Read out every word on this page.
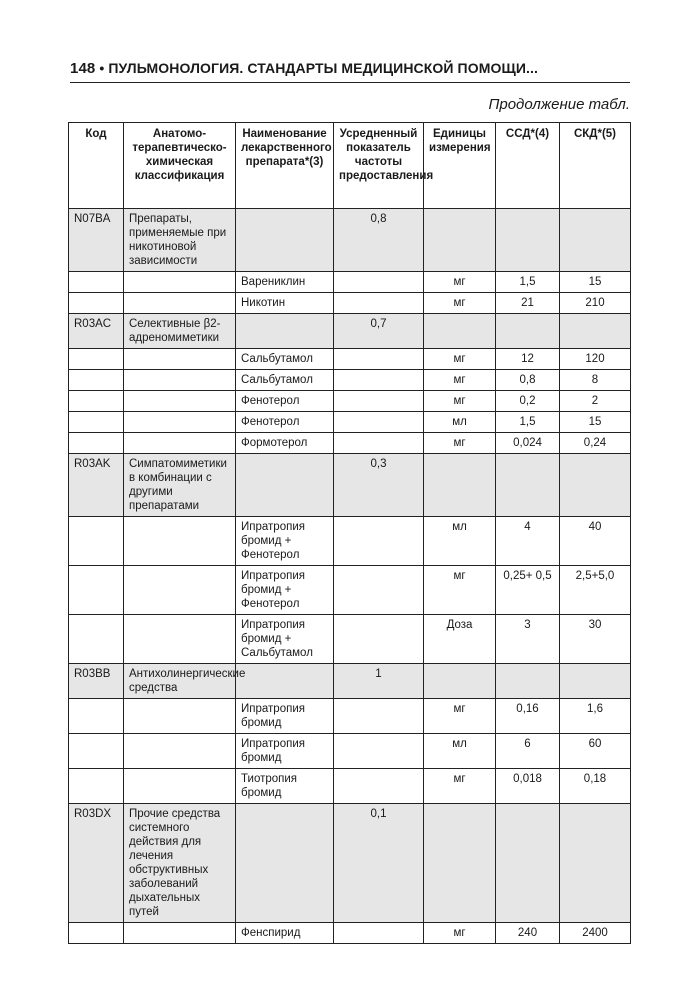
148 • ПУЛЬМОНОЛОГИЯ. СТАНДАРТЫ МЕДИЦИНСКОЙ ПОМОЩИ...
Продолжение табл.
Код	Анатомо-терапевтическо-химическая классификация	Наименование лекарственного препарата*(3)	Усредненный показатель частоты предоставления	Единицы измерения	ССД*(4)	СКД*(5)
N07BA	Препараты, применяемые при никотиновой зависимости		0,8			
		Варениклин		мг	1,5	15
		Никотин		мг	21	210
R03AC	Селективные β2-адреномиметики		0,7			
		Сальбутамол		мг	12	120
		Сальбутамол		мг	0,8	8
		Фенотерол		мг	0,2	2
		Фенотерол		мл	1,5	15
		Формотерол		мг	0,024	0,24
R03AK	Симпатомиметики в комбинации с другими препаратами		0,3			
		Ипратропия бромид + Фенотерол		мл	4	40
		Ипратропия бромид + Фенотерол		мг	0,25+ 0,5	2,5+5,0
		Ипратропия бромид + Сальбутамол		Доза	3	30
R03BB	Антихолинергические средства		1			
		Ипратропия бромид		мг	0,16	1,6
		Ипратропия бромид		мл	6	60
		Тиотропия бромид		мг	0,018	0,18
R03DX	Прочие средства системного действия для лечения обструктивных заболеваний дыхательных путей		0,1			
		Фенспирид		мг	240	2400
